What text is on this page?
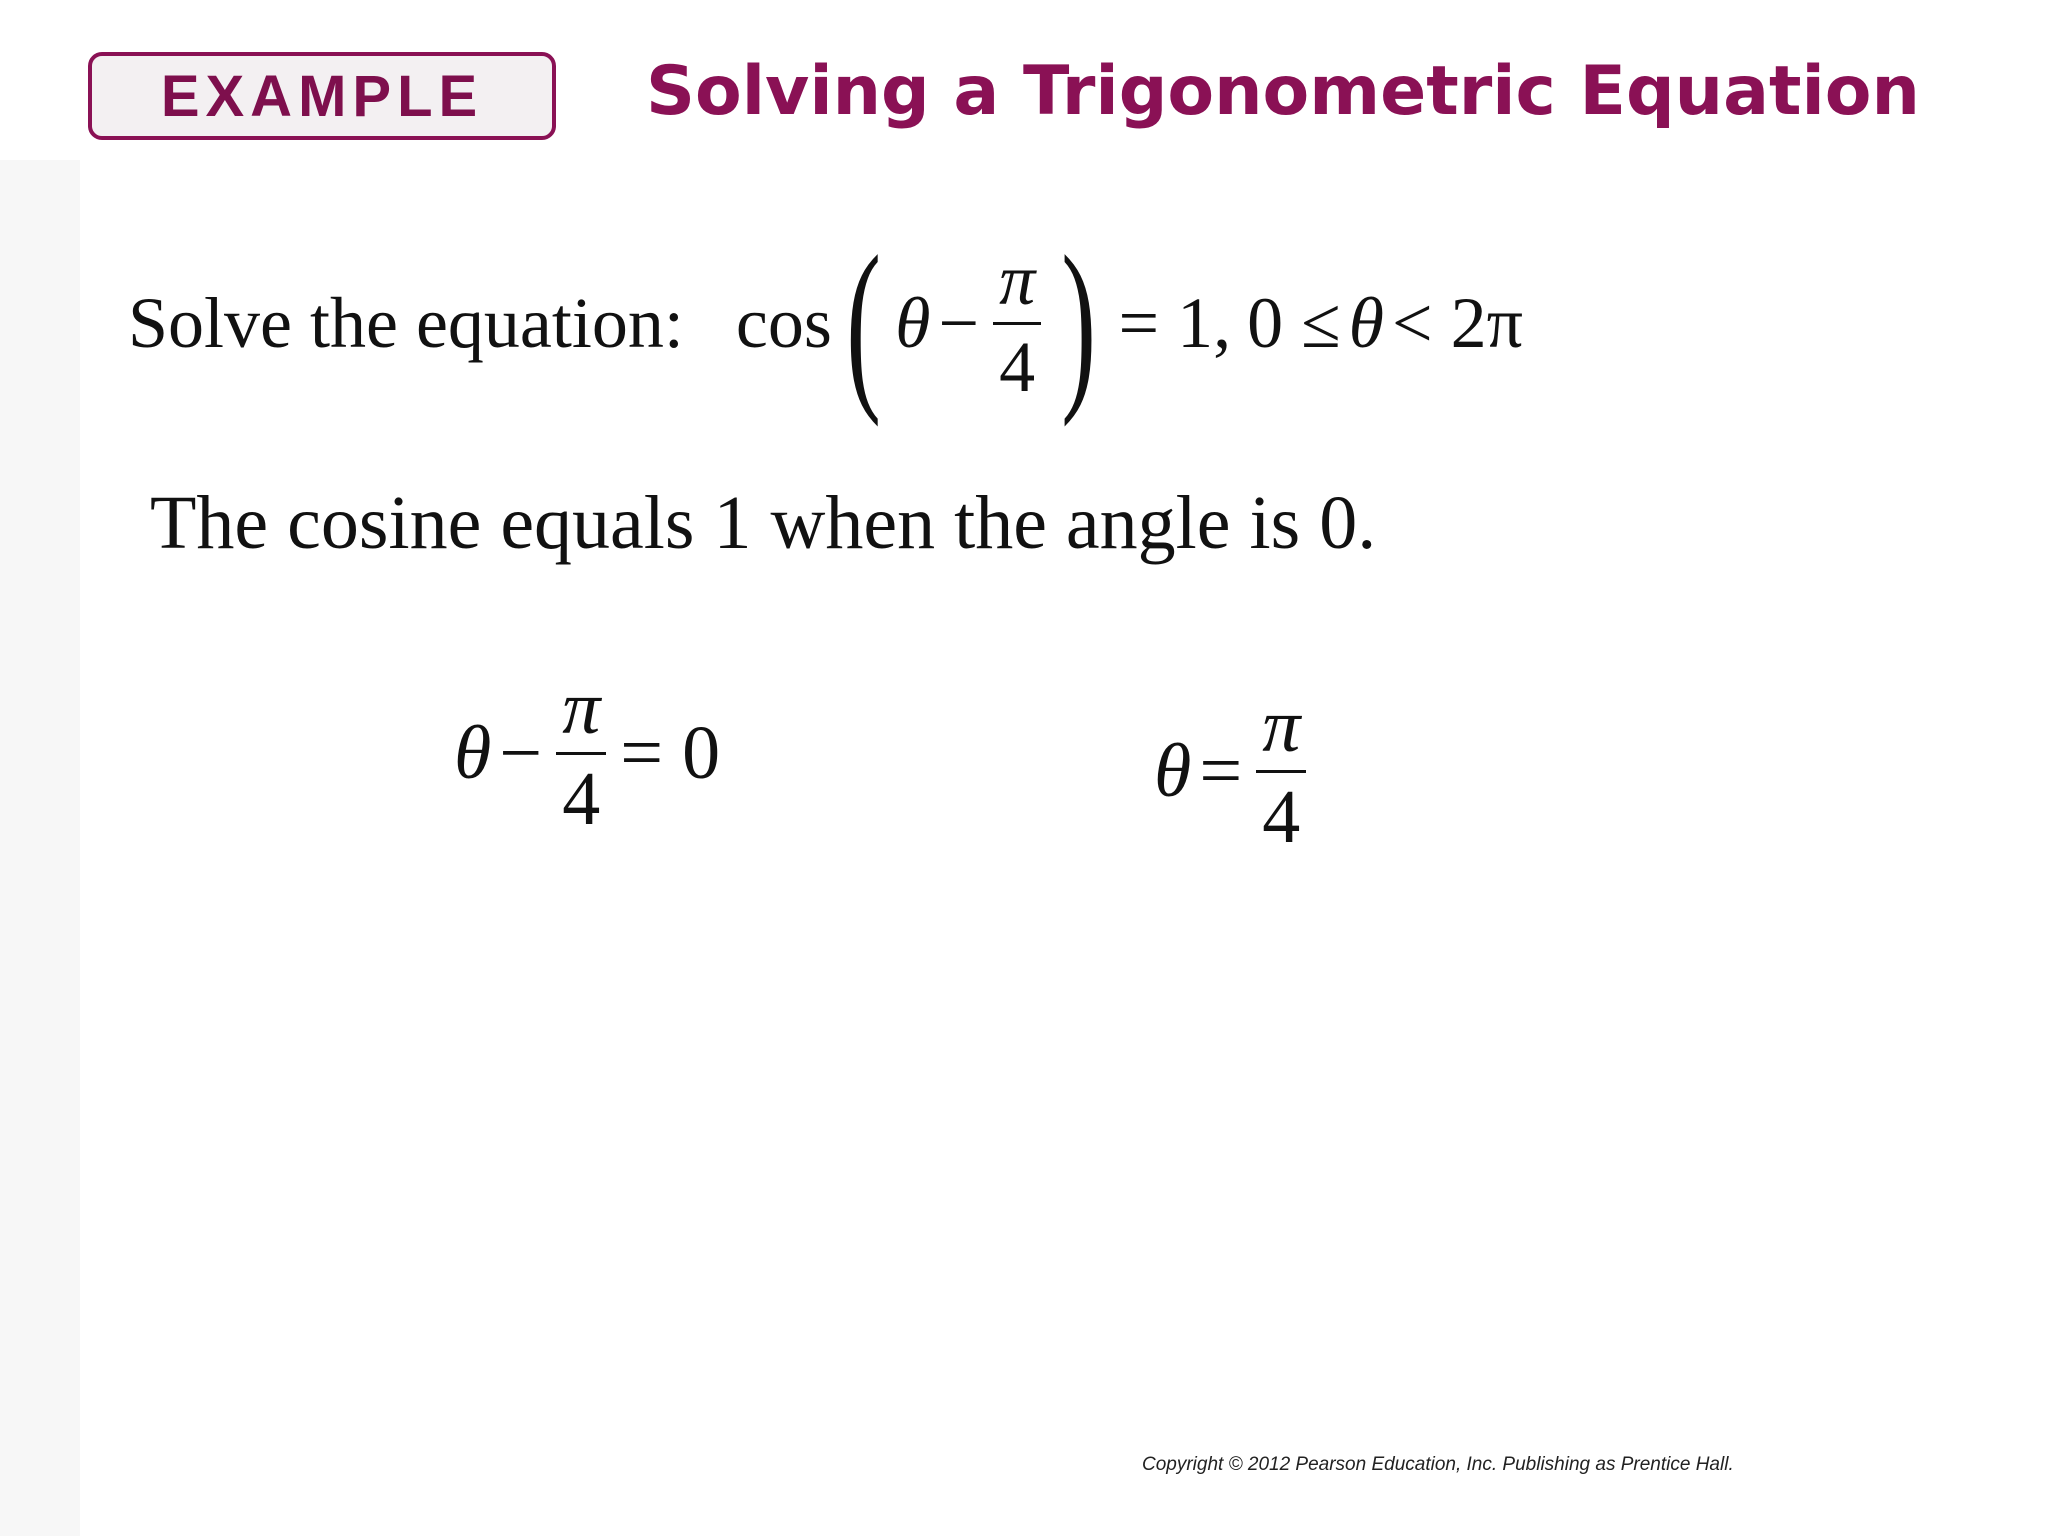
EXAMPLE Solving a Trigonometric Equation
Solve the equation: cos ( $\theta - \frac{\pi}{4}$ ) = 1, 0 ≤ θ < 2π
The cosine equals 1 when the angle is 0.
$\theta - \frac{\pi}{4} = 0$	$\theta = \frac{\pi}{4}$
Copyright © 2012 Pearson Education, Inc. Publishing as Prentice Hall.
